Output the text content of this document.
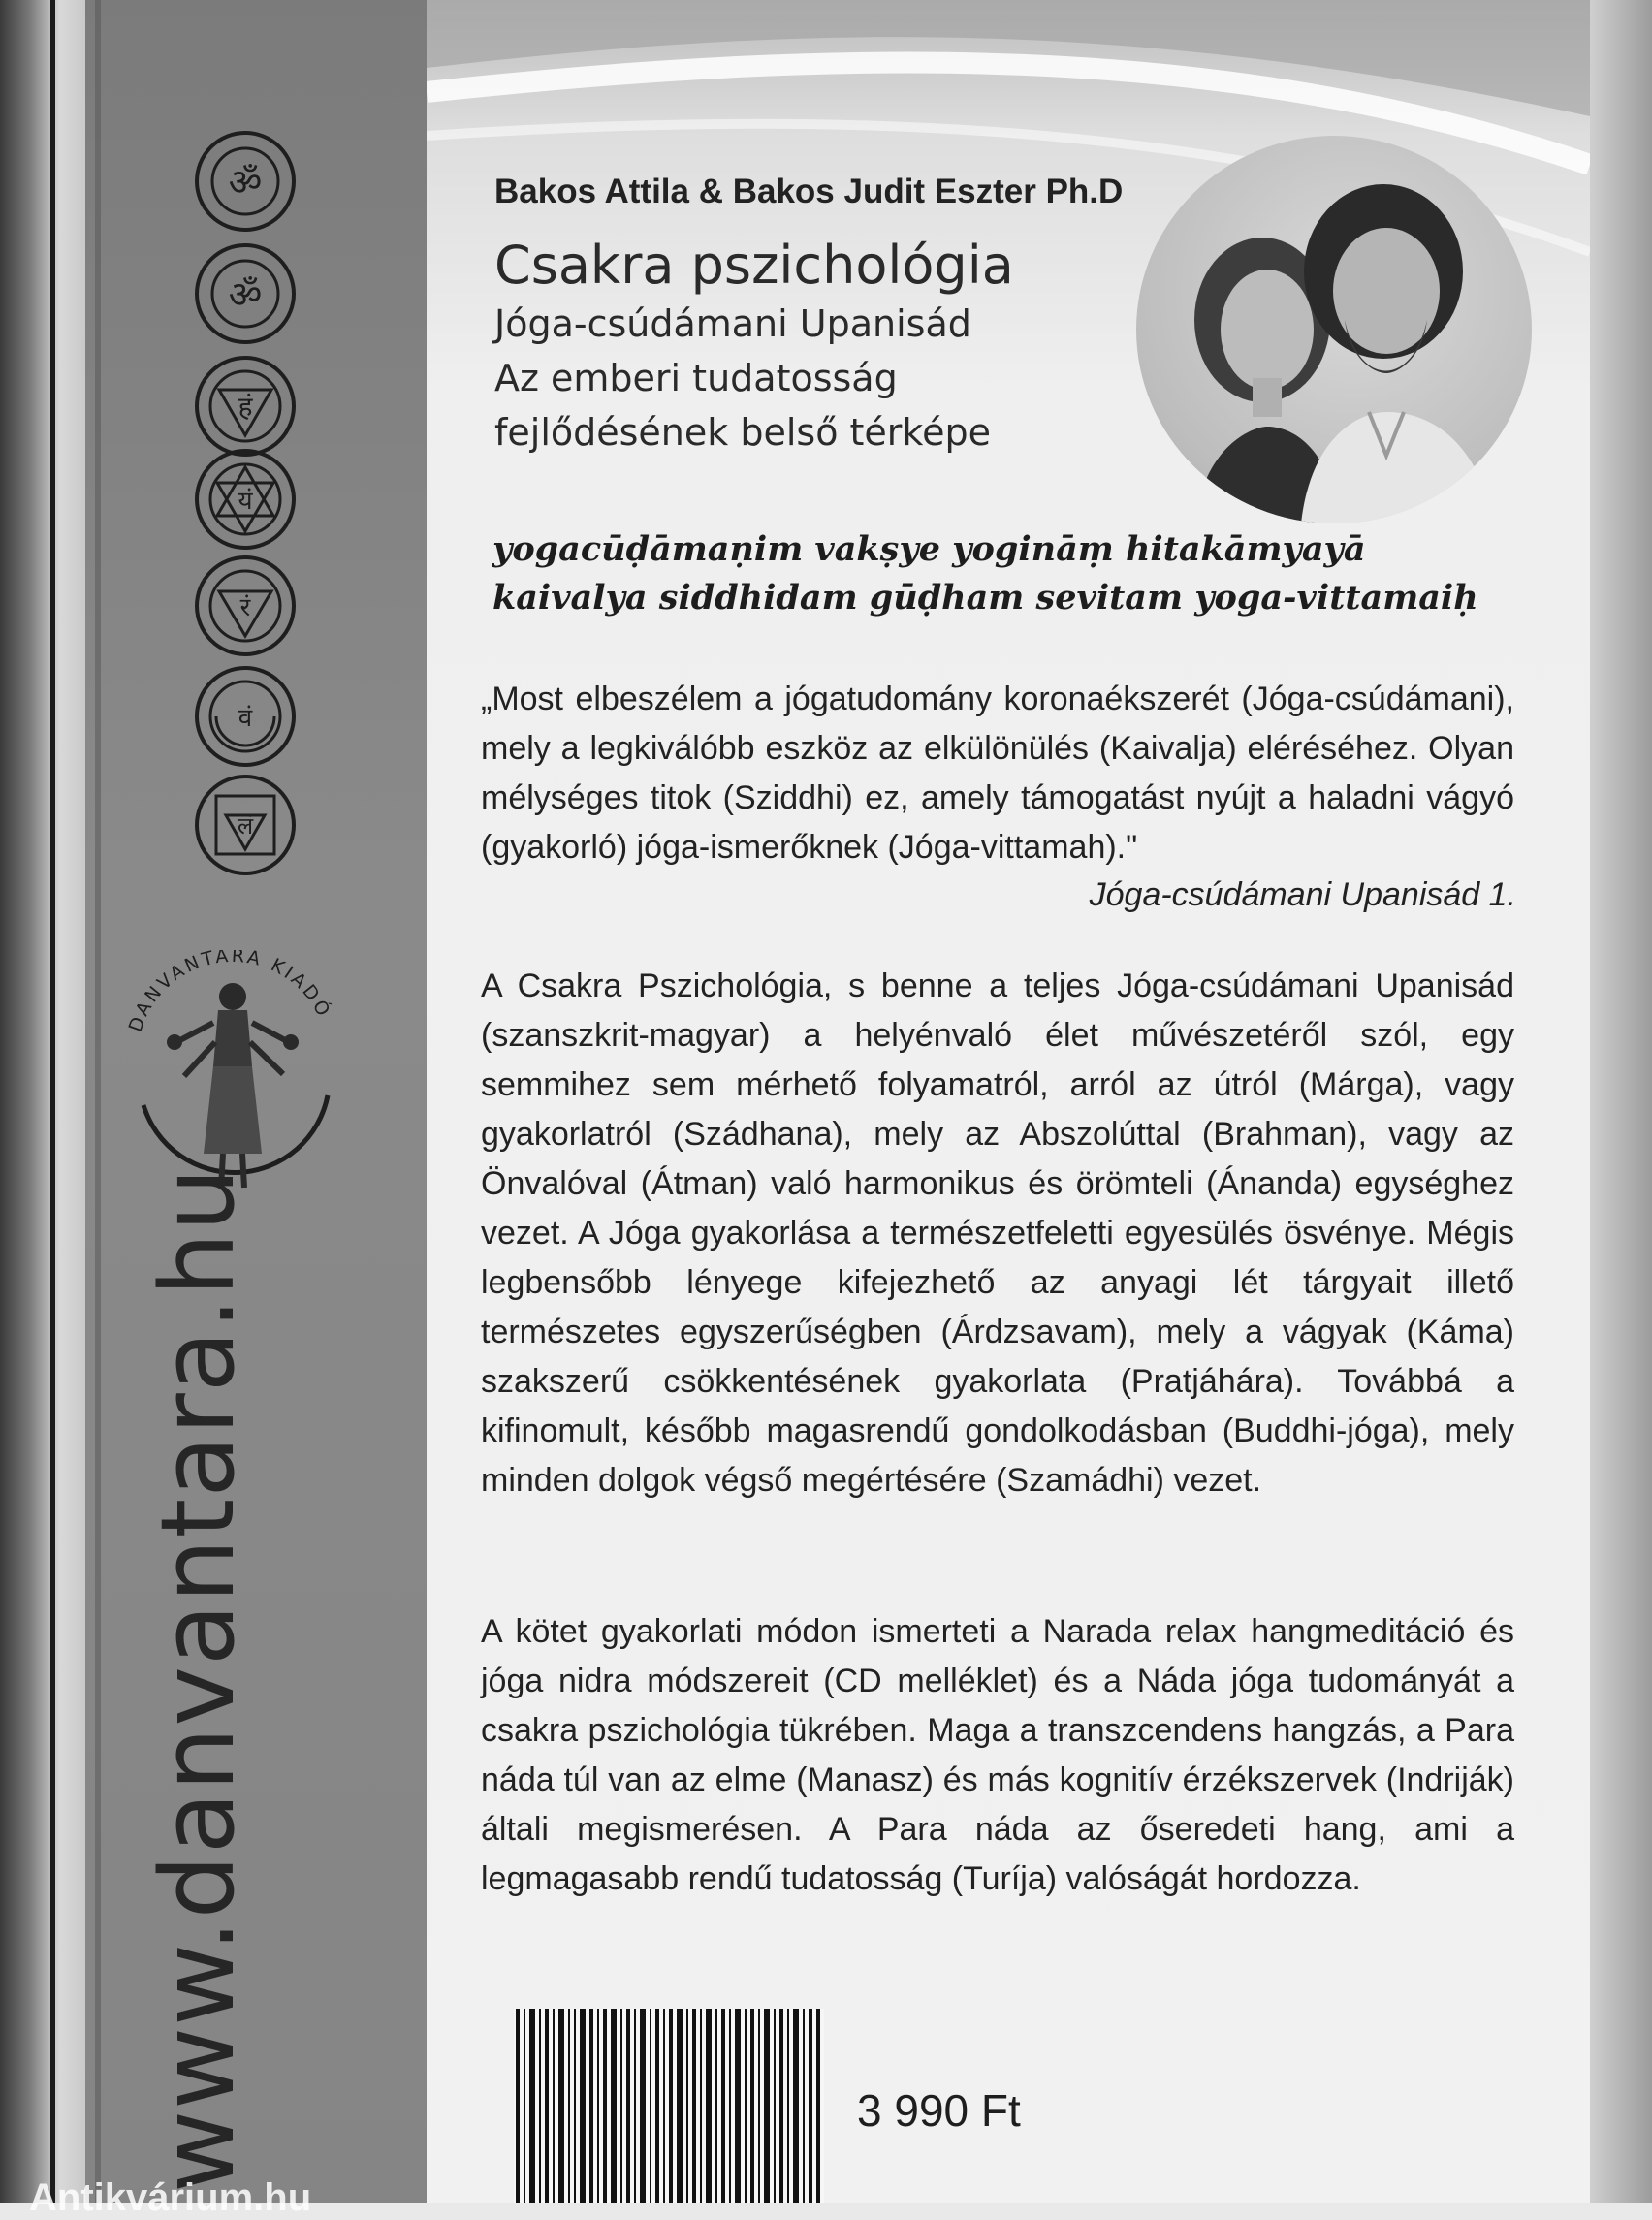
ॐ
ॐ
हं
यं
रं
वं
लं
DANVANTARA KIADÓ
www.danvantara.hu
Bakos Attila & Bakos Judit Eszter Ph.D
Csakra pszichológia
Jóga-csúdámani Upanisád
Az emberi tudatosság
fejlődésének belső térképe
yogacūḍāmaṇim vakṣye yogināṃ hitakāmyayā
kaivalya siddhidam gūḍham sevitam yoga-vittamaiḥ

„Most elbeszélem a jógatudomány koronaékszerét (Jóga-csúdámani), mely a legkiválóbb eszköz az elkülönülés (Kaivalja) eléréséhez. Olyan mélységes titok (Sziddhi) ez, amely támogatást nyújt a haladni vágyó (gyakorló) jóga-ismerőknek (Jóga-vittamah)."

Jóga-csúdámani Upanisád 1.

A Csakra Pszichológia, s benne a teljes Jóga-csúdámani Upanisád (szanszkrit-magyar) a helyénvaló élet művészetéről szól, egy semmihez sem mérhető folyamatról, arról az útról (Márga), vagy gyakorlatról (Szádhana), mely az Abszolúttal (Brahman), vagy az Önvalóval (Átman) való harmonikus és örömteli (Ánanda) egységhez vezet. A Jóga gyakorlása a természetfeletti egyesülés ösvénye. Mégis legbensőbb lényege kifejezhető az anyagi lét tárgyait illető természetes egyszerűségben (Árdzsavam), mely a vágyak (Káma) szakszerű csökkentésének gyakorlata (Pratjáhára). Továbbá a kifinomult, később magasrendű gondolkodásban (Buddhi-jóga), mely minden dolgok végső megértésére (Szamádhi) vezet.

A kötet gyakorlati módon ismerteti a Narada relax hangmeditáció és jóga nidra módszereit (CD melléklet) és a Náda jóga tudományát a csakra pszichológia tükrében. Maga a transzcendens hangzás, a Para náda túl van az elme (Manasz) és más kognitív érzékszervek (Indriják) általi megismerésen. A Para náda az őseredeti hang, ami a legmagasabb rendű tudatosság (Turíja) valóságát hordozza.

3 990 Ft
Antikvárium.hu
